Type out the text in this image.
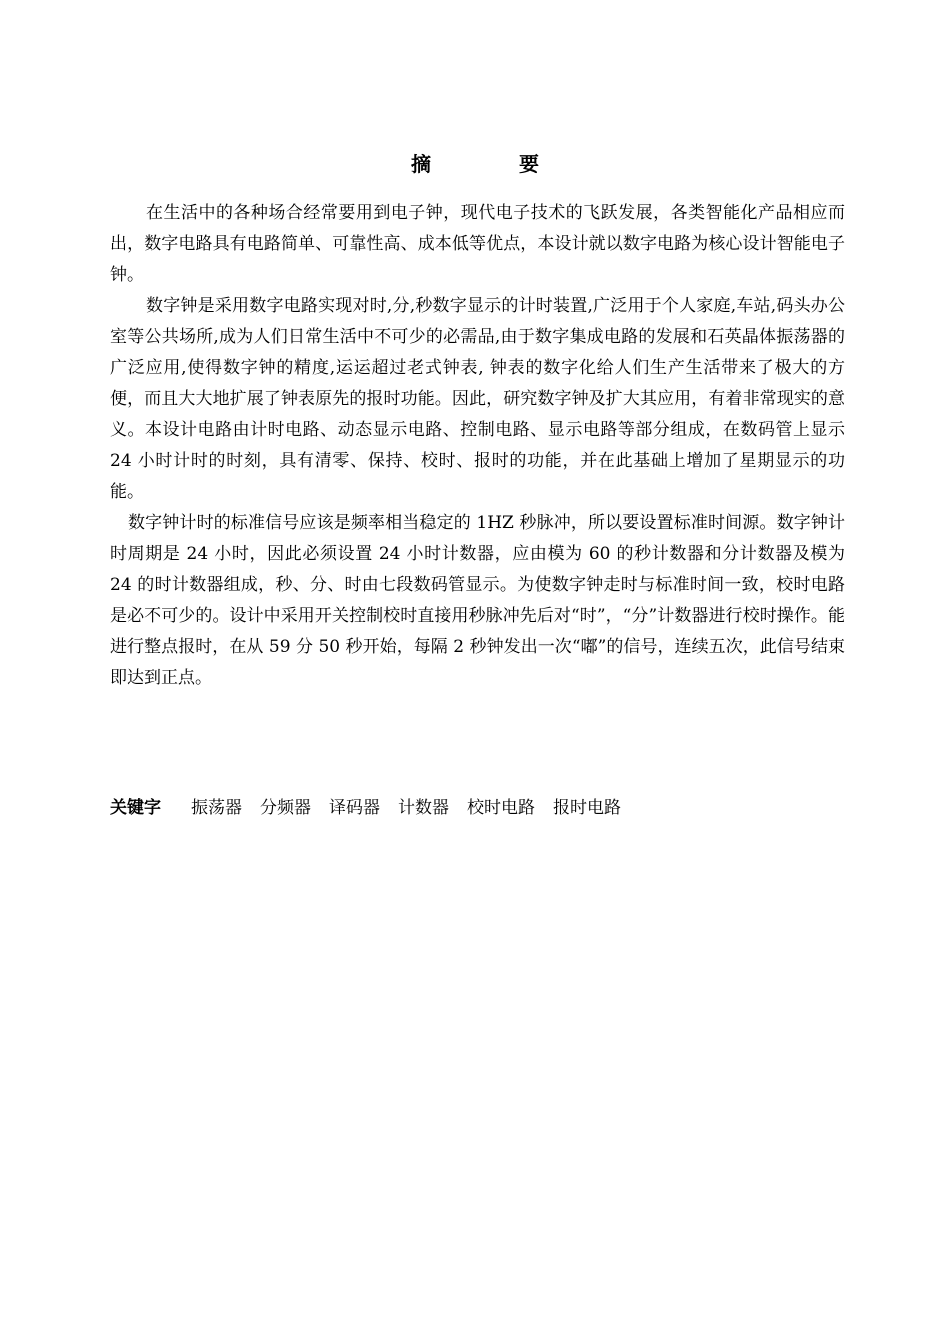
摘	要

在生活中的各种场合经常要用到电子钟，现代电子技术的飞跃发展，各类智能化产品相应而出，数字电路具有电路简单、可靠性高、成本低等优点，本设计就以数字电路为核心设计智能电子钟。

数字钟是采用数字电路实现对时,分,秒数字显示的计时装置,广泛用于个人家庭,车站,码头办公室等公共场所,成为人们日常生活中不可少的必需品,由于数字集成电路的发展和石英晶体振荡器的广泛应用,使得数字钟的精度,运运超过老式钟表, 钟表的数字化给人们生产生活带来了极大的方便，而且大大地扩展了钟表原先的报时功能。因此，研究数字钟及扩大其应用，有着非常现实的意义。本设计电路由计时电路、动态显示电路、控制电路、显示电路等部分组成，在数码管上显示 24 小时计时的时刻，具有清零、保持、校时、报时的功能，并在此基础上增加了星期显示的功能。

数字钟计时的标准信号应该是频率相当稳定的 1HZ 秒脉冲，所以要设置标准时间源。数字钟计时周期是 24 小时，因此必须设置 24 小时计数器，应由模为 60 的秒计数器和分计数器及模为 24 的时计数器组成，秒、分、时由七段数码管显示。为使数字钟走时与标准时间一致，校时电路是必不可少的。设计中采用开关控制校时直接用秒脉冲先后对“时”，“分”计数器进行校时操作。能进行整点报时，在从 59 分 50 秒开始，每隔 2 秒钟发出一次“嘟”的信号，连续五次，此信号结束即达到正点。

关键字 振荡器 分频器 译码器 计数器 校时电路 报时电路
